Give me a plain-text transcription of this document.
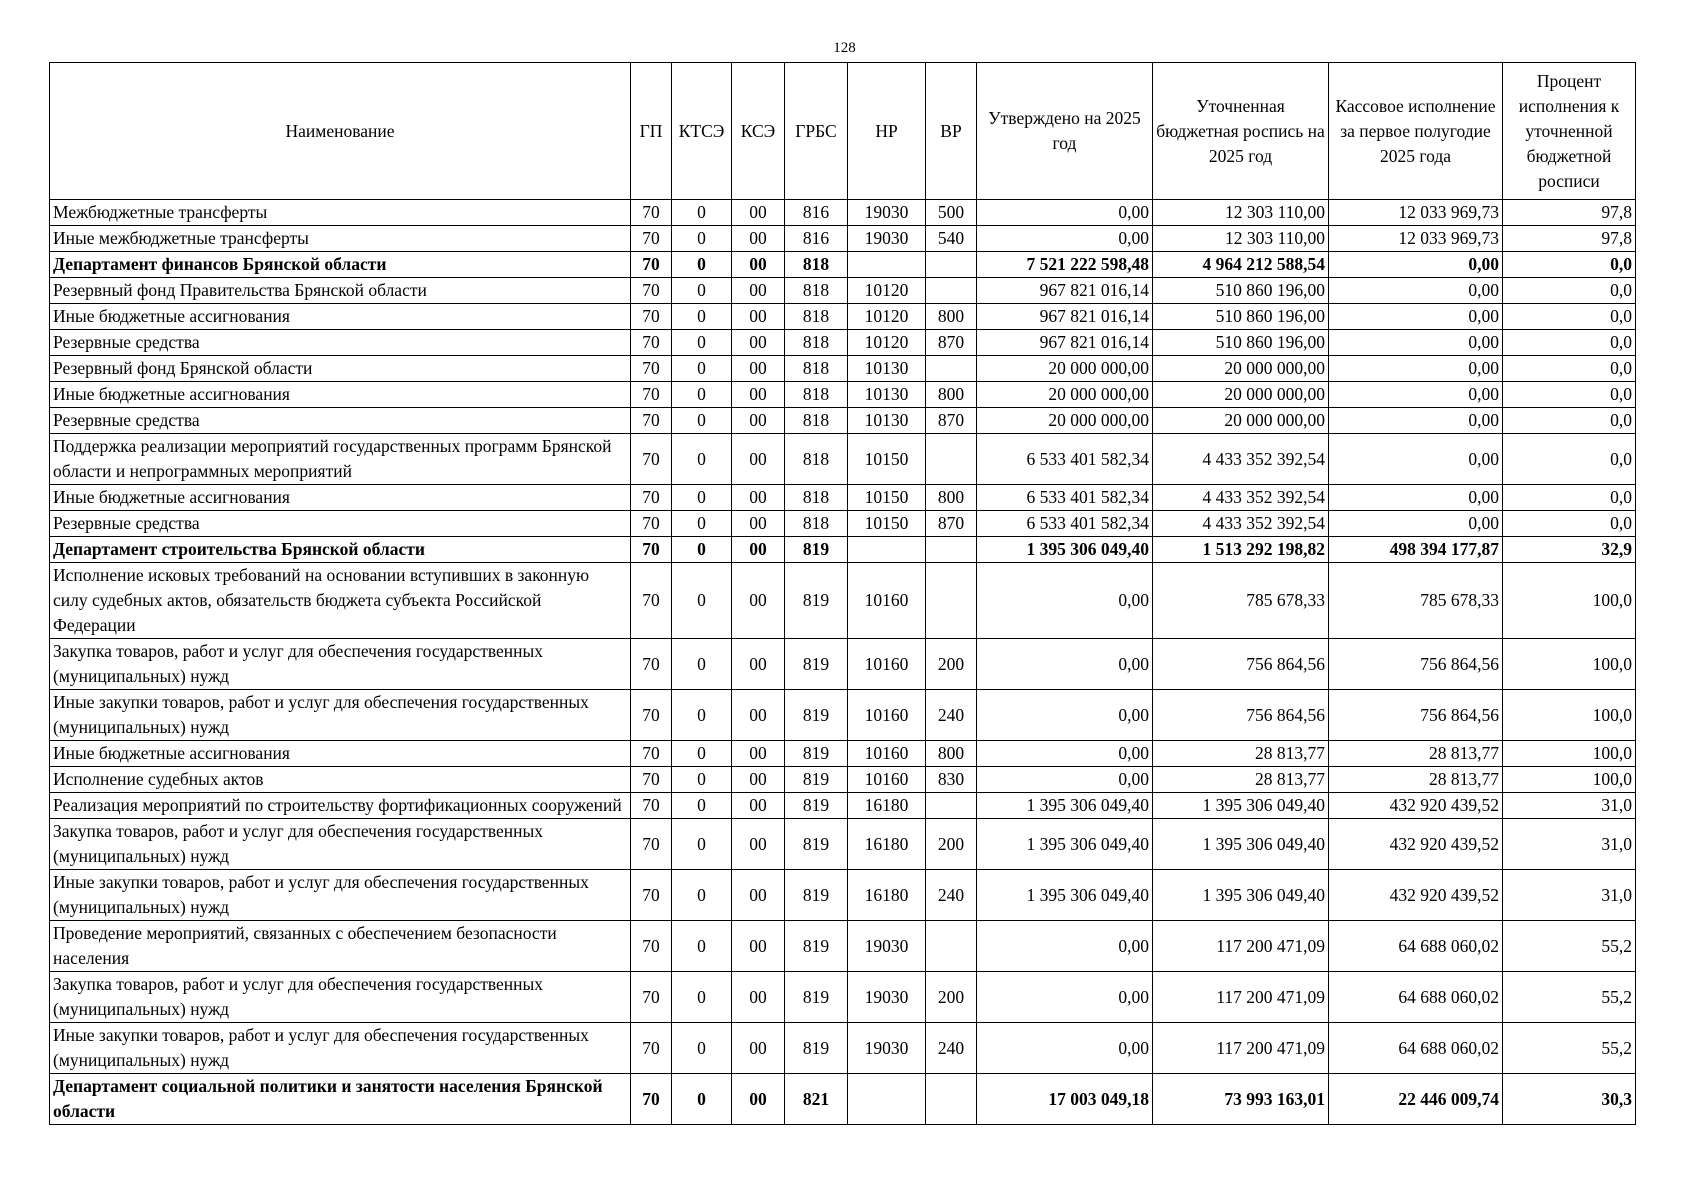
128
Наименование	ГП	КТСЭ	КСЭ	ГРБС	НР	ВР	Утверждено на 2025 год	Уточненная бюджетная роспись на 2025 год	Кассовое исполнение за первое полугодие 2025 года	Процент исполнения к уточненной бюджетной росписи
Межбюджетные трансферты	70	0	00	816	19030	500	0,00	12 303 110,00	12 033 969,73	97,8
Иные межбюджетные трансферты	70	0	00	816	19030	540	0,00	12 303 110,00	12 033 969,73	97,8
Департамент финансов Брянской области	70	0	00	818			7 521 222 598,48	4 964 212 588,54	0,00	0,0
Резервный фонд Правительства Брянской области	70	0	00	818	10120		967 821 016,14	510 860 196,00	0,00	0,0
Иные бюджетные ассигнования	70	0	00	818	10120	800	967 821 016,14	510 860 196,00	0,00	0,0
Резервные средства	70	0	00	818	10120	870	967 821 016,14	510 860 196,00	0,00	0,0
Резервный фонд Брянской области	70	0	00	818	10130		20 000 000,00	20 000 000,00	0,00	0,0
Иные бюджетные ассигнования	70	0	00	818	10130	800	20 000 000,00	20 000 000,00	0,00	0,0
Резервные средства	70	0	00	818	10130	870	20 000 000,00	20 000 000,00	0,00	0,0
Поддержка реализации мероприятий государственных программ Брянской области и непрограммных мероприятий	70	0	00	818	10150		6 533 401 582,34	4 433 352 392,54	0,00	0,0
Иные бюджетные ассигнования	70	0	00	818	10150	800	6 533 401 582,34	4 433 352 392,54	0,00	0,0
Резервные средства	70	0	00	818	10150	870	6 533 401 582,34	4 433 352 392,54	0,00	0,0
Департамент строительства Брянской области	70	0	00	819			1 395 306 049,40	1 513 292 198,82	498 394 177,87	32,9
Исполнение исковых требований на основании вступивших в законную силу судебных актов, обязательств бюджета субъекта Российской Федерации	70	0	00	819	10160		0,00	785 678,33	785 678,33	100,0
Закупка товаров, работ и услуг для обеспечения государственных (муниципальных) нужд	70	0	00	819	10160	200	0,00	756 864,56	756 864,56	100,0
Иные закупки товаров, работ и услуг для обеспечения государственных (муниципальных) нужд	70	0	00	819	10160	240	0,00	756 864,56	756 864,56	100,0
Иные бюджетные ассигнования	70	0	00	819	10160	800	0,00	28 813,77	28 813,77	100,0
Исполнение судебных актов	70	0	00	819	10160	830	0,00	28 813,77	28 813,77	100,0
Реализация мероприятий по строительству фортификационных сооружений	70	0	00	819	16180		1 395 306 049,40	1 395 306 049,40	432 920 439,52	31,0
Закупка товаров, работ и услуг для обеспечения государственных (муниципальных) нужд	70	0	00	819	16180	200	1 395 306 049,40	1 395 306 049,40	432 920 439,52	31,0
Иные закупки товаров, работ и услуг для обеспечения государственных (муниципальных) нужд	70	0	00	819	16180	240	1 395 306 049,40	1 395 306 049,40	432 920 439,52	31,0
Проведение мероприятий, связанных с обеспечением безопасности населения	70	0	00	819	19030		0,00	117 200 471,09	64 688 060,02	55,2
Закупка товаров, работ и услуг для обеспечения государственных (муниципальных) нужд	70	0	00	819	19030	200	0,00	117 200 471,09	64 688 060,02	55,2
Иные закупки товаров, работ и услуг для обеспечения государственных (муниципальных) нужд	70	0	00	819	19030	240	0,00	117 200 471,09	64 688 060,02	55,2
Департамент социальной политики и занятости населения Брянской области	70	0	00	821			17 003 049,18	73 993 163,01	22 446 009,74	30,3
